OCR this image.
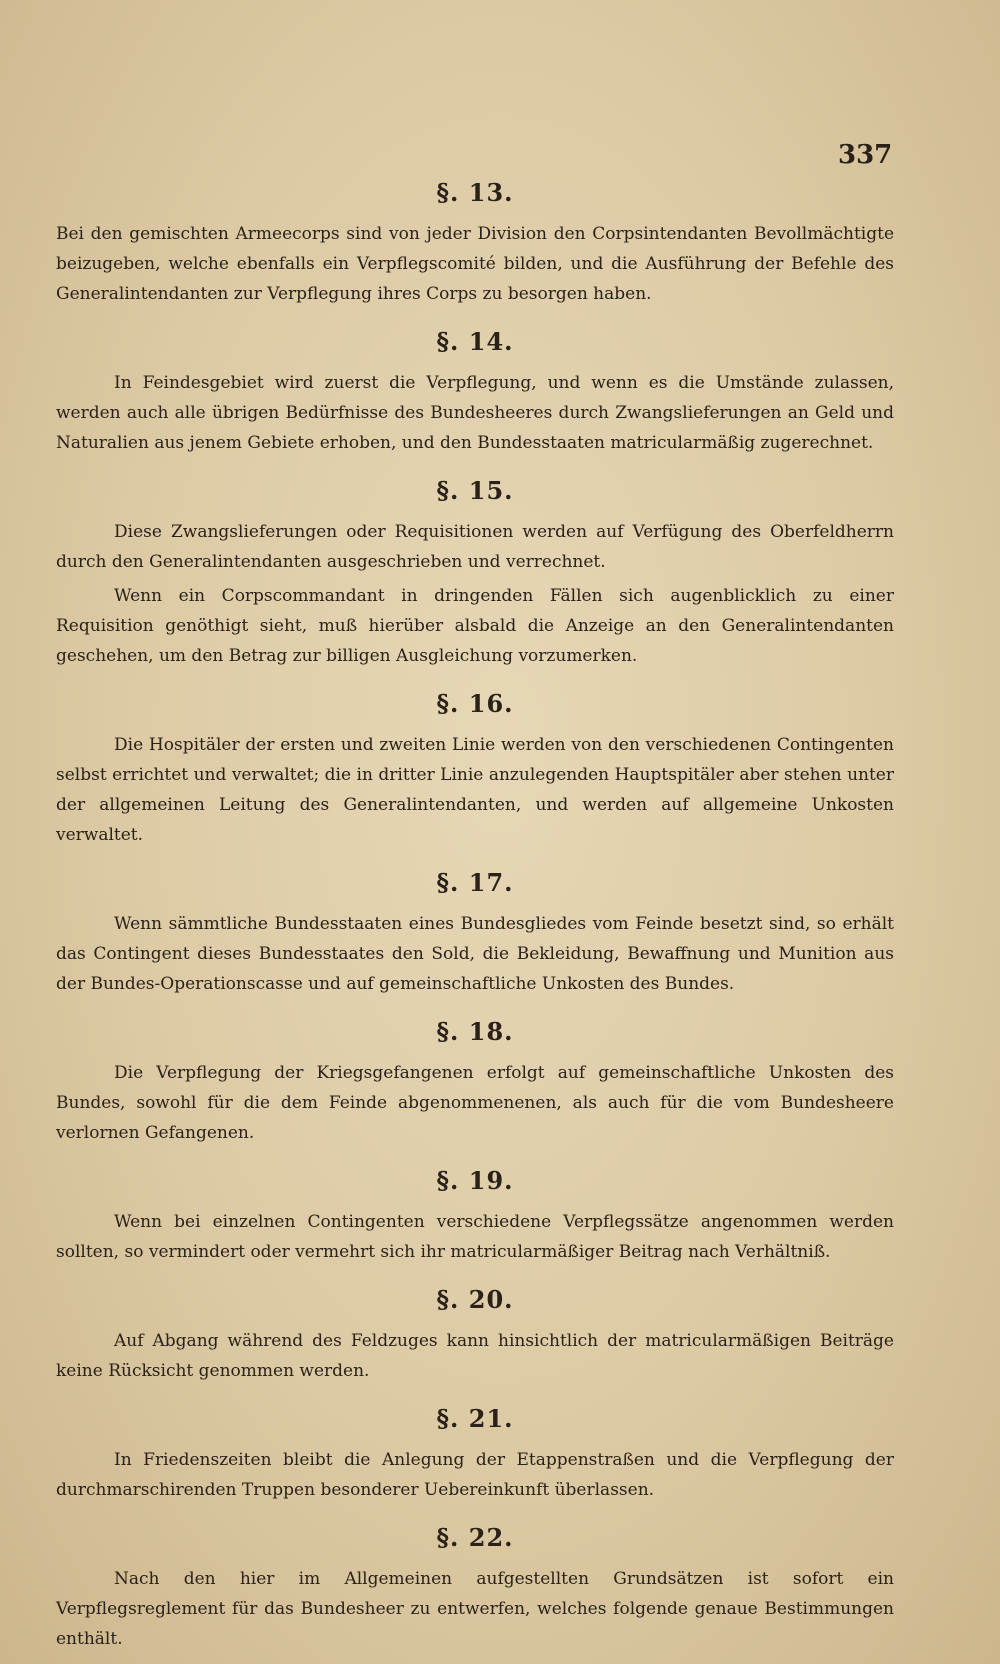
337
§. 13.

Bei den gemischten Armeecorps sind von jeder Division den Corpsintendanten Bevollmächtigte beizugeben, welche ebenfalls ein Verpflegscomité bilden, und die Ausführung der Befehle des Generalintendanten zur Verpflegung ihres Corps zu besorgen haben.

§. 14.

In Feindesgebiet wird zuerst die Verpflegung, und wenn es die Umstände zulassen, werden auch alle übrigen Bedürfnisse des Bundesheeres durch Zwangslieferungen an Geld und Naturalien aus jenem Gebiete erhoben, und den Bundesstaaten matricularmäßig zugerechnet.

§. 15.

Diese Zwangslieferungen oder Requisitionen werden auf Verfügung des Oberfeldherrn durch den Generalintendanten ausgeschrieben und verrechnet.

Wenn ein Corpscommandant in dringenden Fällen sich augenblicklich zu einer Requisition genöthigt sieht, muß hierüber alsbald die Anzeige an den Generalintendanten geschehen, um den Betrag zur billigen Ausgleichung vorzumerken.

§. 16.

Die Hospitäler der ersten und zweiten Linie werden von den verschiedenen Contingenten selbst errichtet und verwaltet; die in dritter Linie anzulegenden Hauptspitäler aber stehen unter der allgemeinen Leitung des Generalintendanten, und werden auf allgemeine Unkosten verwaltet.

§. 17.

Wenn sämmtliche Bundesstaaten eines Bundesgliedes vom Feinde besetzt sind, so erhält das Contingent dieses Bundesstaates den Sold, die Bekleidung, Bewaffnung und Munition aus der Bundes-Operationscasse und auf gemeinschaftliche Unkosten des Bundes.

§. 18.

Die Verpflegung der Kriegsgefangenen erfolgt auf gemeinschaftliche Unkosten des Bundes, sowohl für die dem Feinde abgenommenenen, als auch für die vom Bundesheere verlornen Gefangenen.

§. 19.

Wenn bei einzelnen Contingenten verschiedene Verpflegssätze angenommen werden sollten, so vermindert oder vermehrt sich ihr matricularmäßiger Beitrag nach Verhältniß.

§. 20.

Auf Abgang während des Feldzuges kann hinsichtlich der matricularmäßigen Beiträge keine Rücksicht genommen werden.

§. 21.

In Friedenszeiten bleibt die Anlegung der Etappenstraßen und die Verpflegung der durchmarschirenden Truppen besonderer Uebereinkunft überlassen.

§. 22.

Nach den hier im Allgemeinen aufgestellten Grundsätzen ist sofort ein Verpflegsreglement für das Bundesheer zu entwerfen, welches folgende genaue Bestimmungen enthält.
